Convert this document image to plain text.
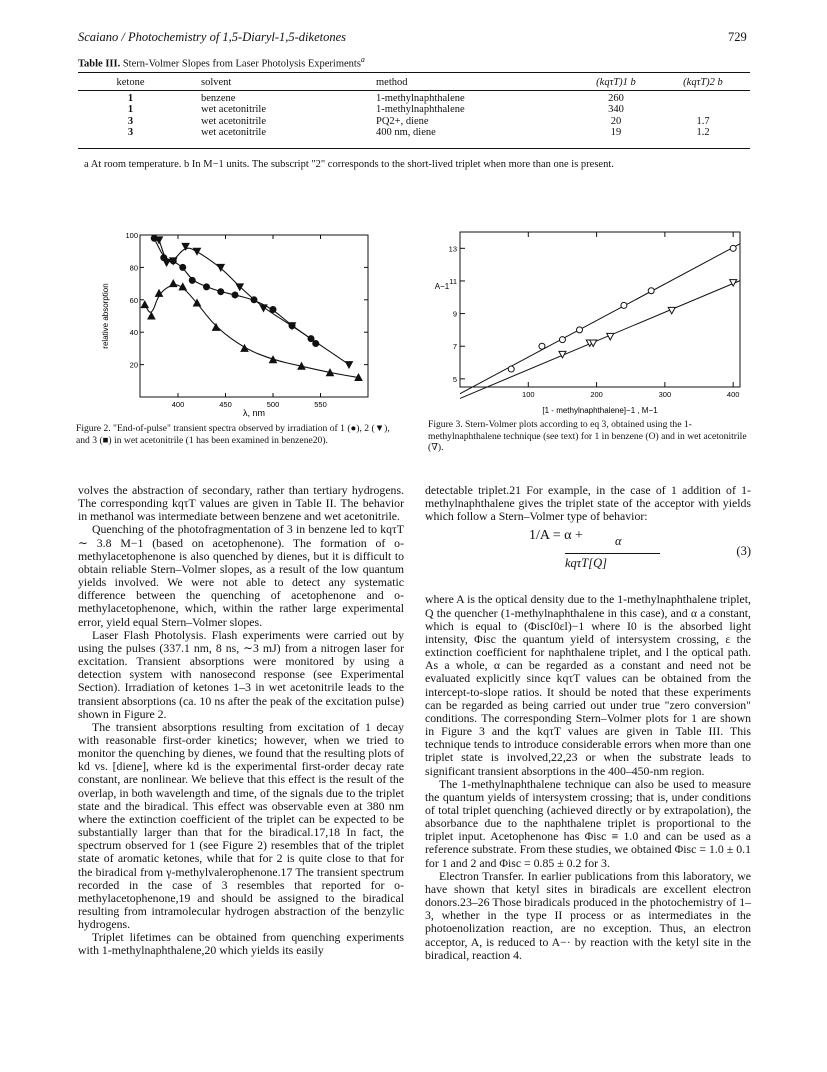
Scaiano / Photochemistry of 1,5-Diaryl-1,5-diketones	729
Table III. Stern-Volmer Slopes from Laser Photolysis Experiments$^a$
ketone	solvent	method	(kqτT)1 b	(kqτT)2 b

1	benzene	1-methylnaphthalene	260	
1	wet acetonitrile	1-methylnaphthalene	340	
3	wet acetonitrile	PQ2+, diene	20	1.7
3	wet acetonitrile	400 nm, diene	19	1.2
a At room temperature. b In M−1 units. The subscript "2" corresponds to the short-lived triplet when more than one is present.
400	450	500	550
100
80
60
40
20
λ, nm
relative absorption
Figure 2. "End-of-pulse" transient spectra observed by irradiation of 1 (●), 2 (▼), and 3 (■) in wet acetonitrile (1 has been examined in benzene20).
100	200	300	400
13
11
9
7
5
[1 - methylnaphthalene]−1 , M−1
A−1
Figure 3. Stern-Volmer plots according to eq 3, obtained using the 1-methylnaphthalene technique (see text) for 1 in benzene (O) and in wet acetonitrile (∇).

volves the abstraction of secondary, rather than tertiary hydrogens. The corresponding kqτT values are given in Table II. The behavior in methanol was intermediate between benzene and wet acetonitrile.

Quenching of the photofragmentation of 3 in benzene led to kqτT ∼ 3.8 M−1 (based on acetophenone). The formation of o-methylacetophenone is also quenched by dienes, but it is difficult to obtain reliable Stern–Volmer slopes, as a result of the low quantum yields involved. We were not able to detect any systematic difference between the quenching of acetophenone and o-methylacetophenone, which, within the rather large experimental error, yield equal Stern–Volmer slopes.

Laser Flash Photolysis. Flash experiments were carried out by using the pulses (337.1 nm, 8 ns, ∼3 mJ) from a nitrogen laser for excitation. Transient absorptions were monitored by using a detection system with nanosecond response (see Experimental Section). Irradiation of ketones 1–3 in wet acetonitrile leads to the transient absorptions (ca. 10 ns after the peak of the excitation pulse) shown in Figure 2.

The transient absorptions resulting from excitation of 1 decay with reasonable first-order kinetics; however, when we tried to monitor the quenching by dienes, we found that the resulting plots of kd vs. [diene], where kd is the experimental first-order decay rate constant, are nonlinear. We believe that this effect is the result of the overlap, in both wavelength and time, of the signals due to the triplet state and the biradical. This effect was observable even at 380 nm where the extinction coefficient of the triplet can be expected to be substantially larger than that for the biradical.17,18 In fact, the spectrum observed for 1 (see Figure 2) resembles that of the triplet state of aromatic ketones, while that for 2 is quite close to that for the biradical from γ-methylvalerophenone.17 The transient spectrum recorded in the case of 3 resembles that reported for o-methylacetophenone,19 and should be assigned to the biradical resulting from intramolecular hydrogen abstraction of the benzylic hydrogens.

Triplet lifetimes can be obtained from quenching experiments with 1-methylnaphthalene,20 which yields its easily

detectable triplet.21 For example, in the case of 1 addition of 1-methylnaphthalene gives the triplet state of the acceptor with yields which follow a Stern–Volmer type of behavior:

1/A = α +	α
kqτT[Q]
(3)

where A is the optical density due to the 1-methylnaphthalene triplet, Q the quencher (1-methylnaphthalene in this case), and α a constant, which is equal to (ΦiscI0εl)−1 where I0 is the absorbed light intensity, Φisc the quantum yield of intersystem crossing, ε the extinction coefficient for naphthalene triplet, and l the optical path. As a whole, α can be regarded as a constant and need not be evaluated explicitly since kqτT values can be obtained from the intercept-to-slope ratios. It should be noted that these experiments can be regarded as being carried out under true "zero conversion" conditions. The corresponding Stern–Volmer plots for 1 are shown in Figure 3 and the kqτT values are given in Table III. This technique tends to introduce considerable errors when more than one triplet state is involved,22,23 or when the substrate leads to significant transient absorptions in the 400–450-nm region.

The 1-methylnaphthalene technique can also be used to measure the quantum yields of intersystem crossing; that is, under conditions of total triplet quenching (achieved directly or by extrapolation), the absorbance due to the naphthalene triplet is proportional to the triplet input. Acetophenone has Φisc ≡ 1.0 and can be used as a reference substrate. From these studies, we obtained Φisc = 1.0 ± 0.1 for 1 and 2 and Φisc = 0.85 ± 0.2 for 3.

Electron Transfer. In earlier publications from this laboratory, we have shown that ketyl sites in biradicals are excellent electron donors.23–26 Those biradicals produced in the photochemistry of 1–3, whether in the type II process or as intermediates in the photoenolization reaction, are no exception. Thus, an electron acceptor, A, is reduced to A−· by reaction with the ketyl site in the biradical, reaction 4.
